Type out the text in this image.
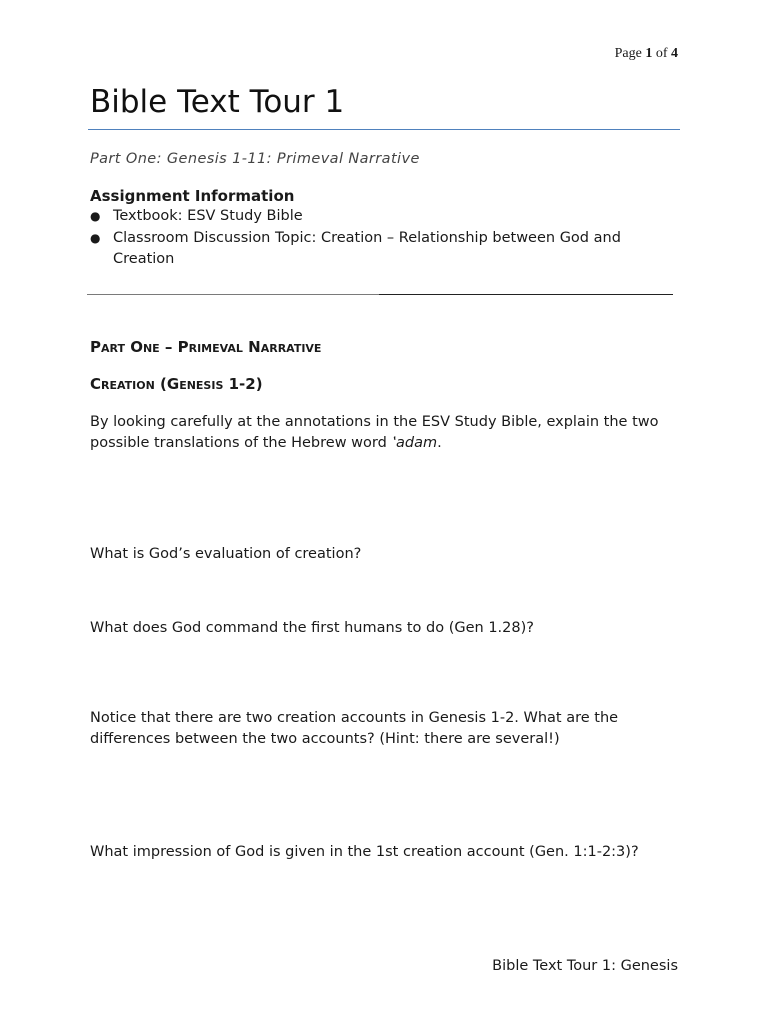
Page 1 of 4
Bible Text Tour 1
Part One: Genesis 1-11: Primeval Narrative
Assignment Information
● Textbook: ESV Study Bible
● Classroom Discussion Topic: Creation – Relationship between God and Creation
Part One – Primeval Narrative
Creation (Genesis 1-2)
By looking carefully at the annotations in the ESV Study Bible, explain the two possible translations of the Hebrew word ‛adam.
What is God’s evaluation of creation?
What does God command the first humans to do (Gen 1.28)?
Notice that there are two creation accounts in Genesis 1-2. What are the differences between the two accounts? (Hint: there are several!)
What impression of God is given in the 1st creation account (Gen. 1:1-2:3)?
Bible Text Tour 1: Genesis
